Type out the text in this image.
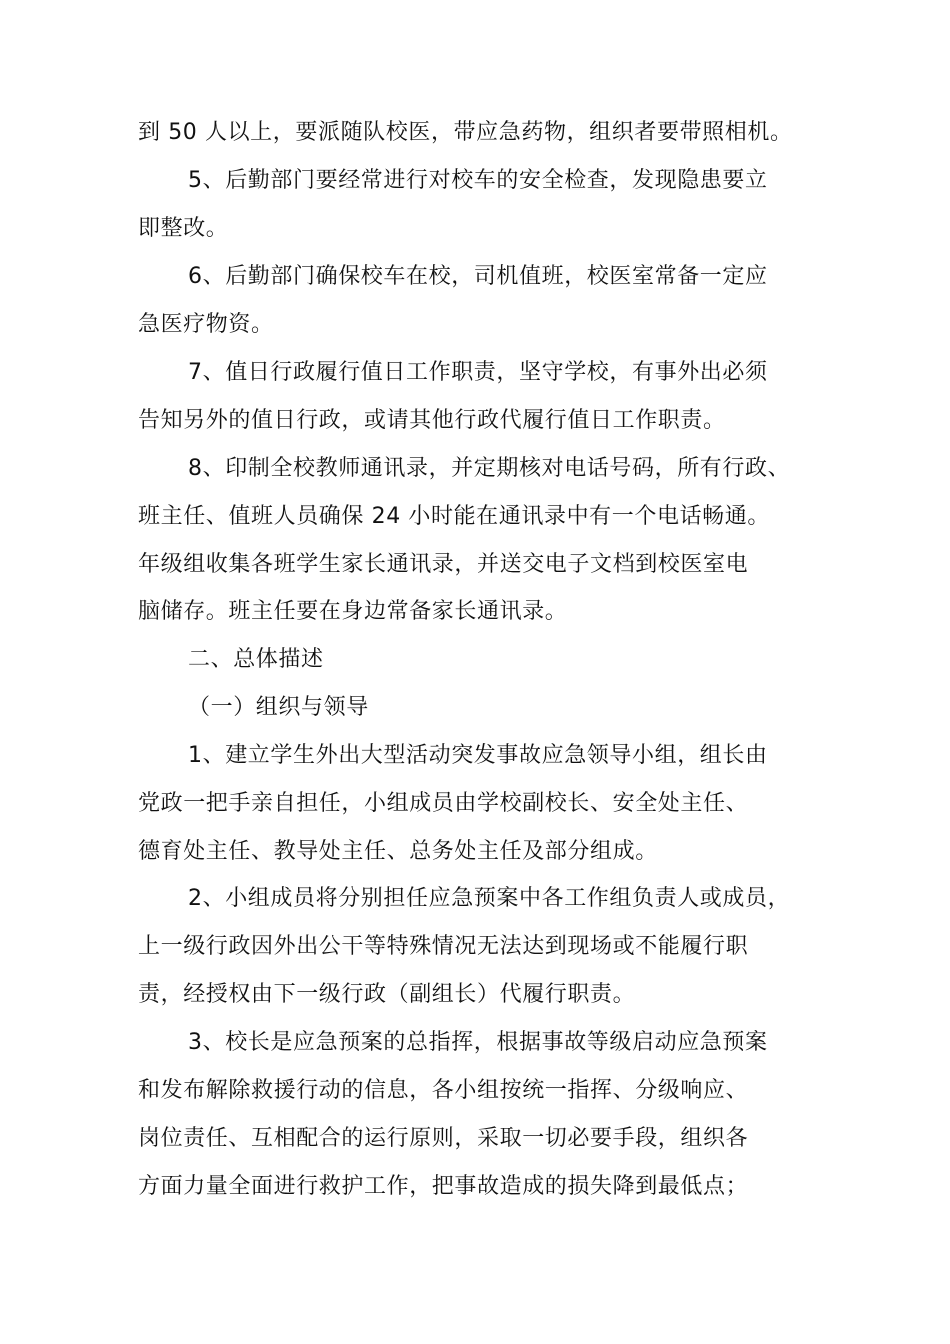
到 50 人以上，要派随队校医，带应急药物，组织者要带照相机。
5、后勤部门要经常进行对校车的安全检查，发现隐患要立
即整改。
6、后勤部门确保校车在校，司机值班，校医室常备一定应
急医疗物资。
7、值日行政履行值日工作职责，坚守学校，有事外出必须
告知另外的值日行政，或请其他行政代履行值日工作职责。
8、印制全校教师通讯录，并定期核对电话号码，所有行政、
班主任、值班人员确保 24 小时能在通讯录中有一个电话畅通。
年级组收集各班学生家长通讯录，并送交电子文档到校医室电
脑储存。班主任要在身边常备家长通讯录。
二、总体描述
（一）组织与领导
1、建立学生外出大型活动突发事故应急领导小组，组长由
党政一把手亲自担任，小组成员由学校副校长、安全处主任、
德育处主任、教导处主任、总务处主任及部分组成。
2、小组成员将分别担任应急预案中各工作组负责人或成员，
上一级行政因外出公干等特殊情况无法达到现场或不能履行职
责，经授权由下一级行政（副组长）代履行职责。
3、校长是应急预案的总指挥，根据事故等级启动应急预案
和发布解除救援行动的信息，各小组按统一指挥、分级响应、
岗位责任、互相配合的运行原则，采取一切必要手段，组织各
方面力量全面进行救护工作，把事故造成的损失降到最低点；
